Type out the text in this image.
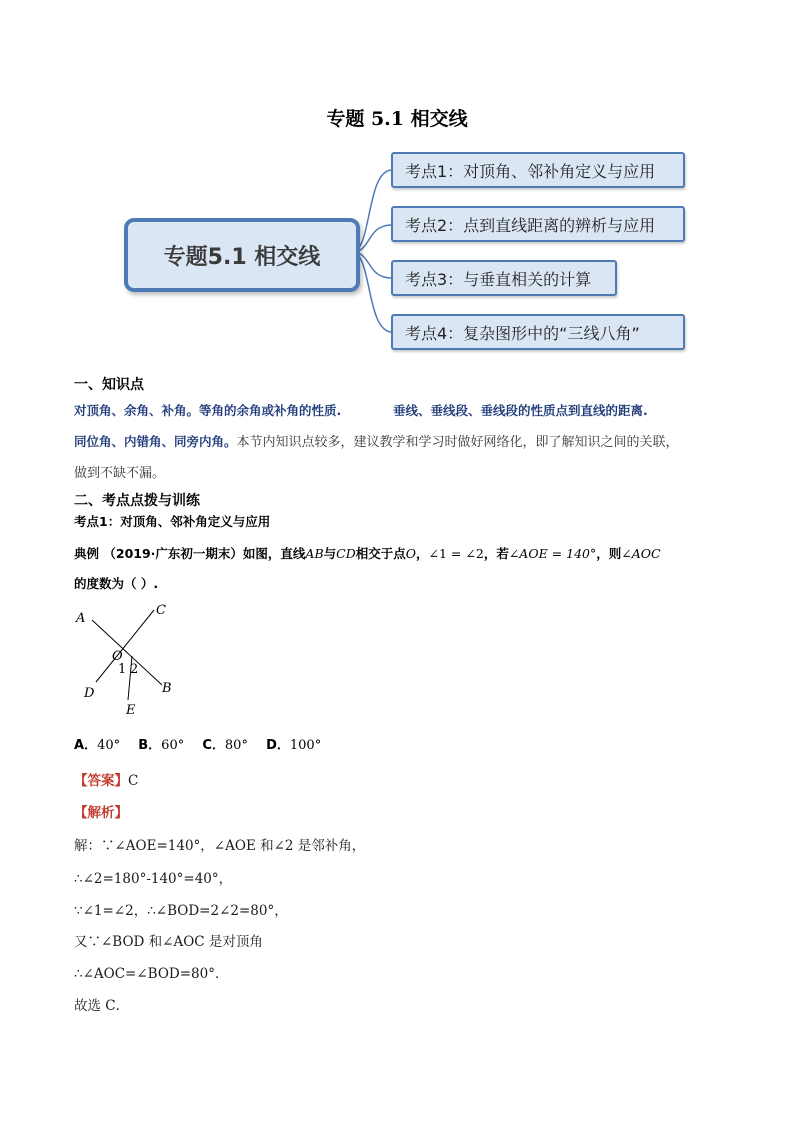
专题 5.1 相交线
专题5.1 相交线
考点1：对顶角、邻补角定义与应用
考点2：点到直线距离的辨析与应用
考点3：与垂直相关的计算
考点4：复杂图形中的“三线八角”
一、知识点
对顶角、余角、补角。等角的余角或补角的性质.	垂线、垂线段、垂线段的性质点到直线的距离.
同位角、内错角、同旁内角。本节内知识点较多，建议教学和学习时做好网络化，即了解知识之间的关联，
做到不缺不漏。
二、考点点拨与训练
考点1：对顶角、邻补角定义与应用
典例 （2019·广东初一期末）如图，直线AB与CD相交于点O，∠1 = ∠2，若∠AOE = 140°，则∠AOC
的度数为（ ）.
A
C
O
1 2
D	B
E
A．40° B．60° C．80° D．100°
【答案】C
【解析】
解：∵∠AOE=140°，∠AOE 和∠2 是邻补角，
∴∠2=180°-140°=40°，
∵∠1=∠2，∴∠BOD=2∠2=80°，
又∵∠BOD 和∠AOC 是对顶角
∴∠AOC=∠BOD=80°．
故选 C．
